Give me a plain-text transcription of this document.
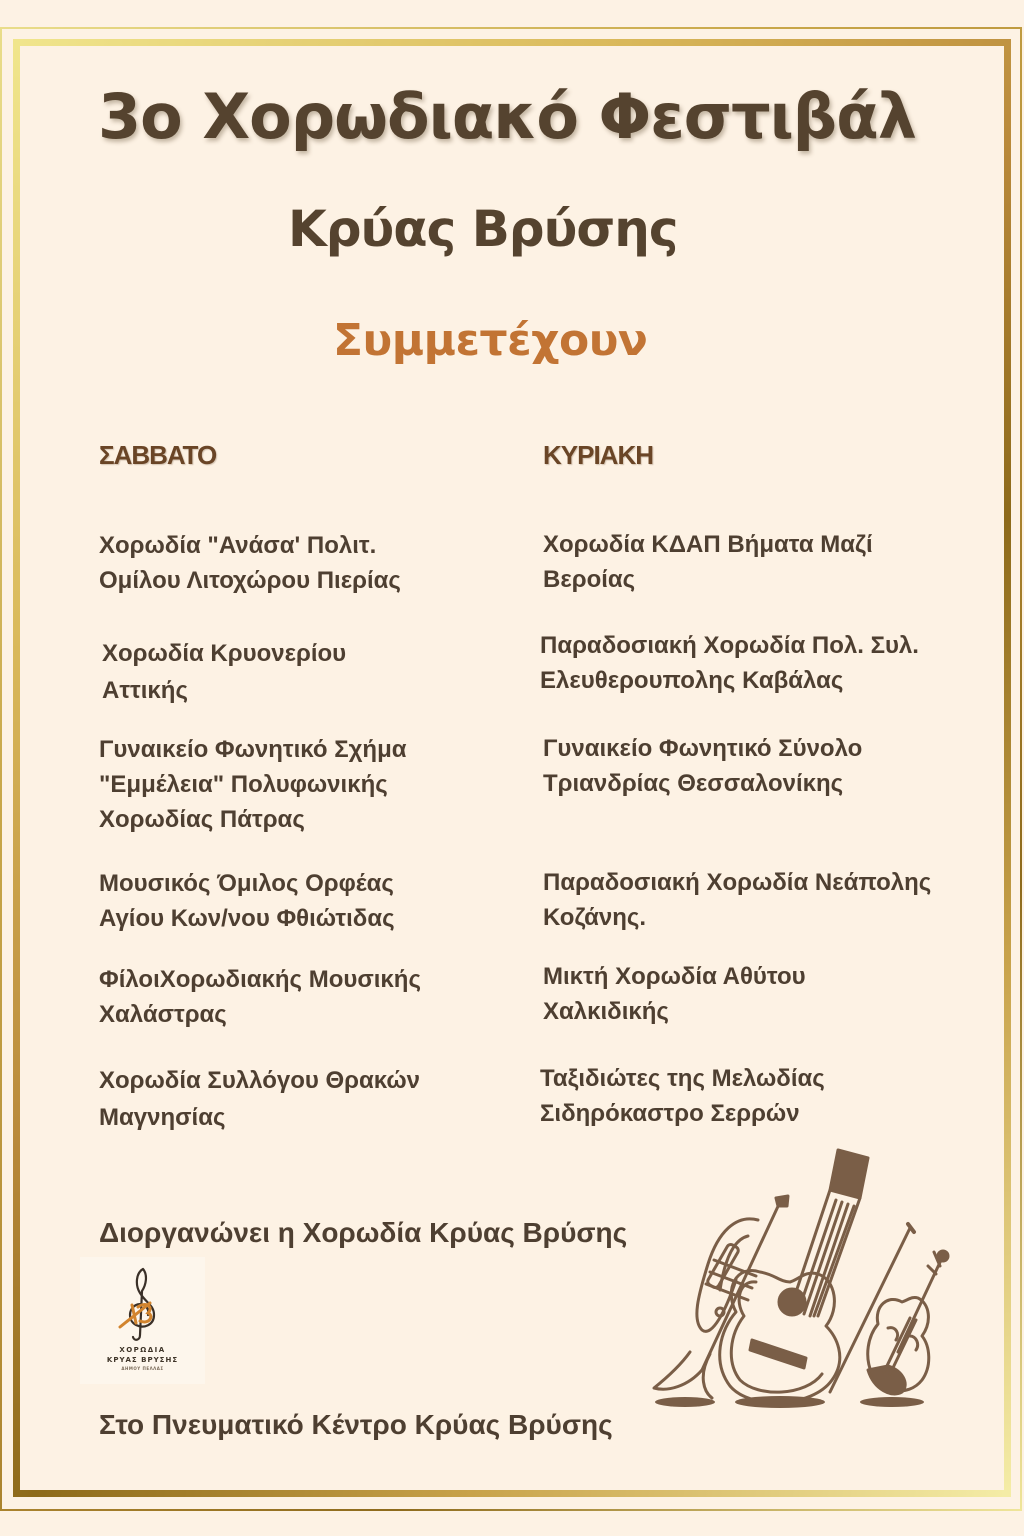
3ο Χορωδιακό Φεστιβάλ
Κρύας Βρύσης
Συμμετέχουν
ΣΑΒΒΑΤΟ
Χορωδία "Ανάσα' Πολιτ.
Ομίλου Λιτοχώρου Πιερίας
Χορωδία Κρυονερίου
Αττικής
Γυναικείο Φωνητικό Σχήμα
"Εμμέλεια" Πολυφωνικής
Χορωδίας Πάτρας
Μουσικός Όμιλος Ορφέας
Αγίου Κων/νου Φθιώτιδας
ΦίλοιΧορωδιακής Μουσικής
Χαλάστρας
Χορωδία Συλλόγου Θρακών
Μαγνησίας
ΚΥΡΙΑΚΗ
Χορωδία ΚΔΑΠ Βήματα Μαζί
Βεροίας
Παραδοσιακή Χορωδία Πολ. Συλ.
Ελευθερουπολης Καβάλας
Γυναικείο Φωνητικό Σύνολο
Τριανδρίας Θεσσαλονίκης
Παραδοσιακή Χορωδία Νεάπολης
Κοζάνης.
Μικτή Χορωδία Αθύτου
Χαλκιδικής
Ταξιδιώτες της Μελωδίας
Σιδηρόκαστρο Σερρών
Διοργανώνει η Χορωδία Κρύας Βρύσης
ΧΟΡΩΔΙΑ
ΚΡΥΑΣ ΒΡΥΣΗΣ
ΔΗΜΟΥ ΠΕΛΛΑΣ
Στο Πνευματικό Κέντρο Κρύας Βρύσης
